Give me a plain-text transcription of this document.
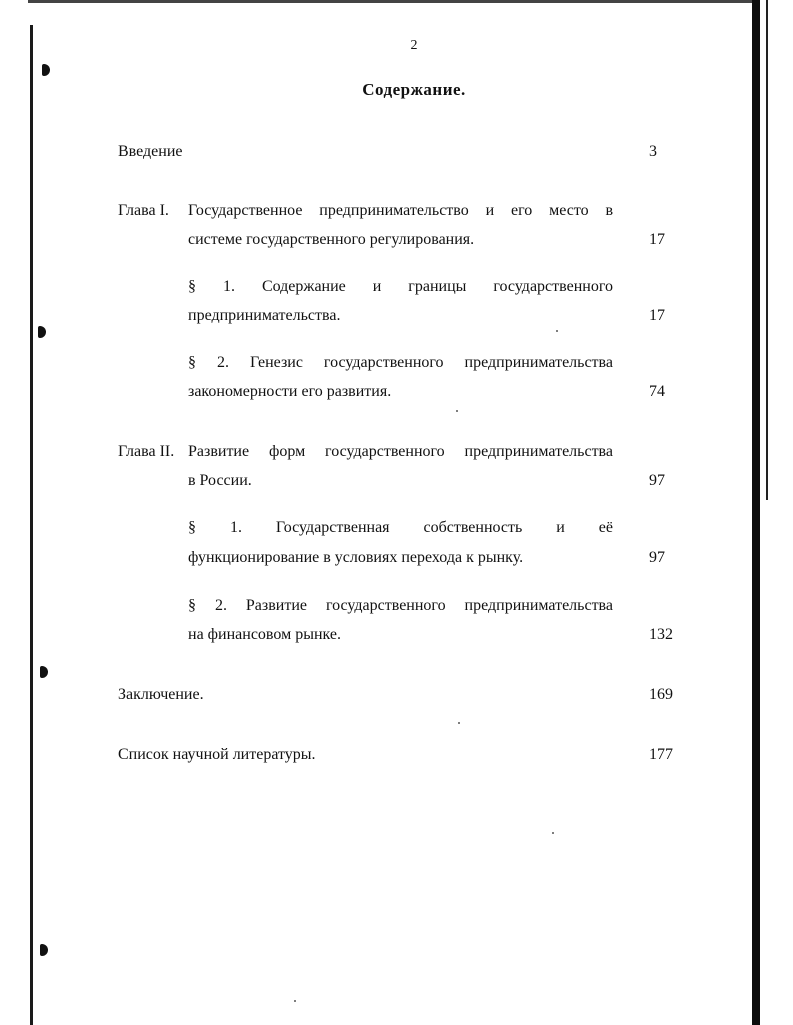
2
Содержание.
Введение	3
Глава I. Государственное предпринимательство и его место в
системе государственного регулирования.	17
§ 1. Содержание и границы государственного
предпринимательства.	17
§ 2. Генезис государственного предпринимательства
закономерности его развития.	74
Глава II. Развитие форм государственного предпринимательства
в России.	97
§ 1. Государственная собственность и её
функционирование в условиях перехода к рынку.	97
§ 2. Развитие государственного предпринимательства
на финансовом рынке.	132
Заключение.	169
Список научной литературы.	177
